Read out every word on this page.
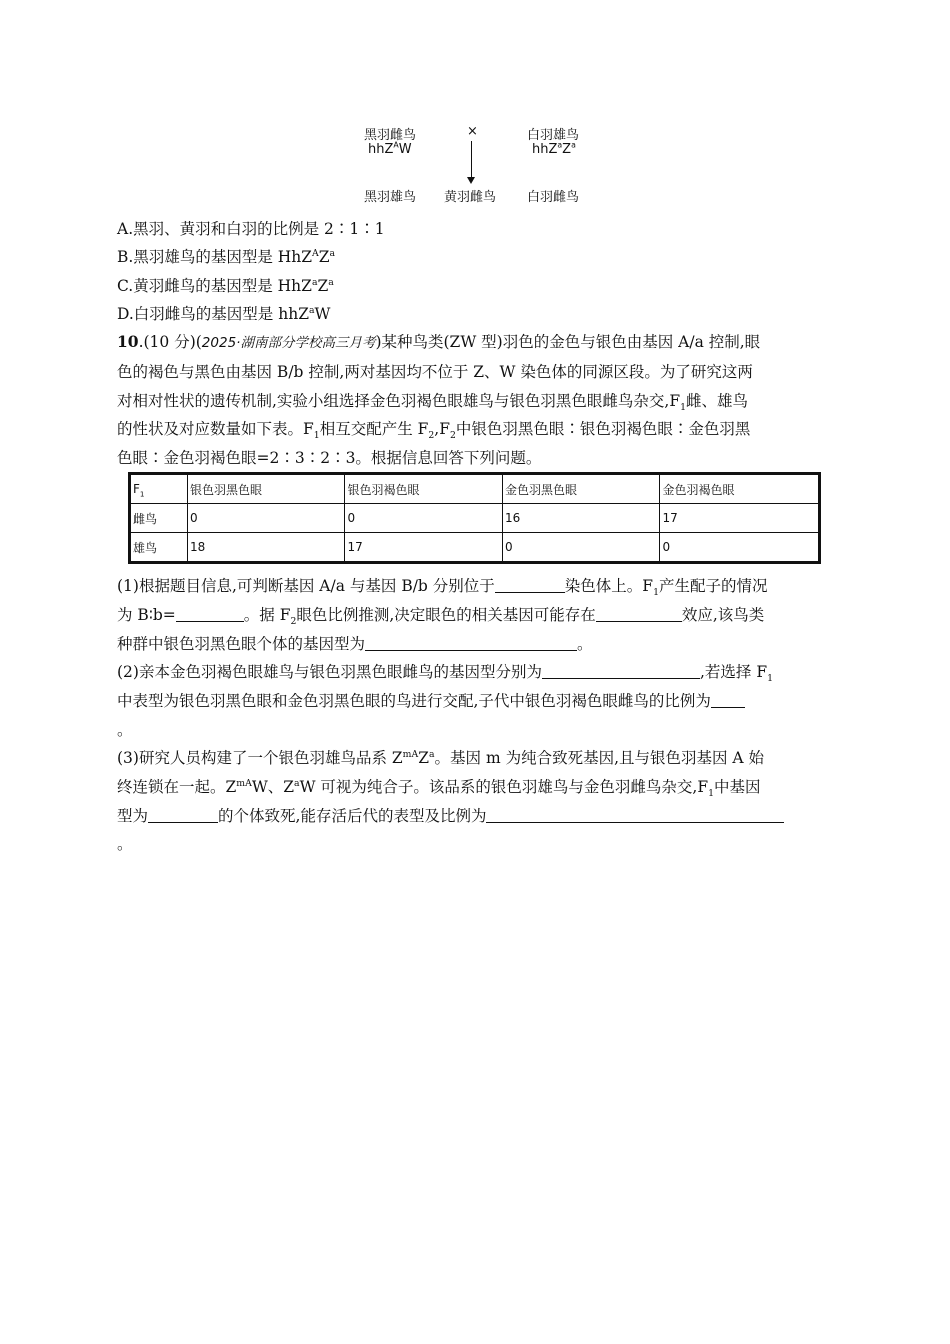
黑羽雌鸟
hhZ$^A$W
×	白羽雄鸟
$hhZ^aZ^a$
黑羽雄鸟 黄羽雌鸟 白羽雌鸟
A.黑羽、黄羽和白羽的比例是 2∶1∶1
B.黑羽雄鸟的基因型是 $HhZ^AZ^a$
C.黄羽雌鸟的基因型是 $HhZ^aZ^a$
D.白羽雌鸟的基因型是 hhZ$^a$W
10.(10 分)(2025·湖南部分学校高三月考)某种鸟类(ZW 型)羽色的金色与银色由基因 A/a 控制,眼
色的褐色与黑色由基因 B/b 控制,两对基因均不位于 Z、W 染色体的同源区段。为了研究这两
对相对性状的遗传机制,实验小组选择金色羽褐色眼雄鸟与银色羽黑色眼雌鸟杂交$,F_1$雌、雄鸟
的性状及对应数量如下表。$F_1$相互交配产生 $F_2,F_2$中银色羽黑色眼∶银色羽褐色眼∶金色羽黑
色眼∶金色羽褐色眼=2∶3∶2∶3。根据信息回答下列问题。
$F_1$	银色羽黑色眼	银色羽褐色眼	金色羽黑色眼	金色羽褐色眼
雌鸟	0	0	16	17
雄鸟	18	17	0	0
(1)根据题目信息,可判断基因 A/a 与基因 B/b 分别位于	染色体上。$F_1$产生配子的情况
为 B∶b=	。据 $F_2$眼色比例推测,决定眼色的相关基因可能存在	效应,该鸟类
种群中银色羽黑色眼个体的基因型为	。
(2)亲本金色羽褐色眼雄鸟与银色羽黑色眼雌鸟的基因型分别为	,若选择 $F_1$
中表型为银色羽黑色眼和金色羽黑色眼的鸟进行交配,子代中银色羽褐色眼雌鸟的比例为
。
(3)研究人员构建了一个银色羽雄鸟品系 $Z^{mA}Z^a$。基因 m 为纯合致死基因,且与银色羽基因 A 始
终连锁在一起。$Z^{mA}W$、$Z^aW$ 可视为纯合子。该品系的银色羽雄鸟与金色羽雌鸟杂交$,F_1$中基因
型为	的个体致死,能存活后代的表型及比例为
。
